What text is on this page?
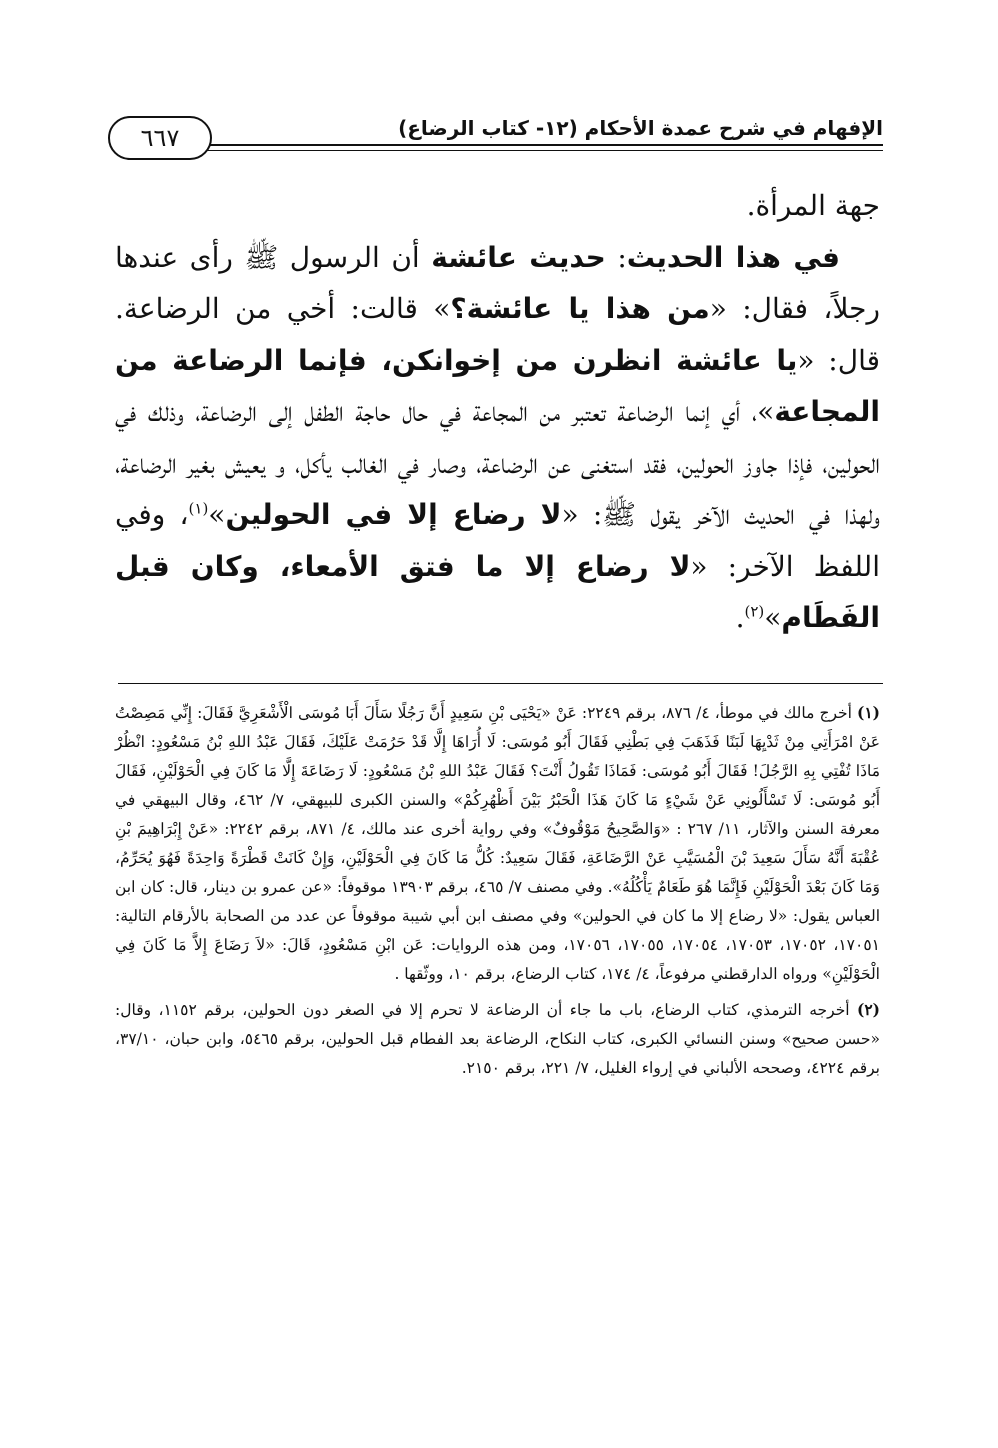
الإفهام في شرح عمدة الأحكام (١٢- كتاب الرضاع)
٦٦٧

جهة المرأة.

في هذا الحديث: حديث عائشة أن الرسول ﷺ رأى عندها رجلاً، فقال: «من هذا يا عائشة؟» قالت: أخي من الرضاعة. قال: «يا عائشة انظرن من إخوانكن، فإنما الرضاعة من المجاعة»، أي إنما الرضاعة تعتبر من المجاعة في حال حاجة الطفل إلى الرضاعة، وذلك في الحولين، فإذا جاوز الحولين، فقد استغنى عن الرضاعة، وصار في الغالب يأكل، و يعيش بغير الرضاعة، ولهذا في الحديث الآخر يقول ﷺ: «لا رضاع إلا في الحولين»$^{(١)}$، وفي اللفظ الآخر: «لا رضاع إلا ما فتق الأمعاء، وكان قبل الفَطَام»$^{(٢)}$.

(١) أخرج مالك في موطأ، ٤/ ٨٧٦، برقم ٢٢٤٩: عَنْ «يَحْيَى بْنِ سَعِيدٍ أَنَّ رَجُلًا سَأَلَ أَبَا مُوسَى الْأَشْعَرِيَّ فَقَالَ: إِنِّي مَصِصْتُ عَنْ امْرَأَتِي مِنْ ثَدْيِهَا لَبَنًا فَذَهَبَ فِي بَطْنِي فَقَالَ أَبُو مُوسَى: لَا أُرَاهَا إِلَّا قَدْ حَرُمَتْ عَلَيْكَ، فَقَالَ عَبْدُ اللهِ بْنُ مَسْعُودٍ: انْظُرْ مَاذَا تُفْتِي بِهِ الرَّجُلَ! فَقَالَ أَبُو مُوسَى: فَمَاذَا تَقُولُ أَنْتَ؟ فَقَالَ عَبْدُ اللهِ بْنُ مَسْعُودٍ: لَا رَضَاعَةَ إِلَّا مَا كَانَ فِي الْحَوْلَيْنِ، فَقَالَ أَبُو مُوسَى: لَا تَسْأَلُونِي عَنْ شَيْءٍ مَا كَانَ هَذَا الْحَبْرُ بَيْنَ أَظْهُرِكُمْ» والسنن الكبرى للبيهقي، ٧/ ٤٦٢، وقال البيهقي في معرفة السنن والآثار، ١١/ ٢٦٧ : «وَالصَّحِيحُ مَوْقُوفٌ» وفي رواية أخرى عند مالك، ٤/ ٨٧١، برقم ٢٢٤٢: «عَنْ إِبْرَاهِيمَ بْنِ عُقْبَةَ أَنَّهُ سَأَلَ سَعِيدَ بْنَ الْمُسَيَّبِ عَنْ الرَّضَاعَةِ، فَقَالَ سَعِيدٌ: كُلُّ مَا كَانَ فِي الْحَوْلَيْنِ، وَإِنْ كَانَتْ قَطْرَةً وَاحِدَةً فَهُوَ يُحَرِّمُ، وَمَا كَانَ بَعْدَ الْحَوْلَيْنِ فَإِنَّمَا هُوَ طَعَامٌ يَأْكُلُهُ». وفي مصنف ٧/ ٤٦٥، برقم ١٣٩٠٣ موقوفاً: «عن عمرو بن دينار، قال: كان ابن العباس يقول: «لا رضاع إلا ما كان في الحولين» وفي مصنف ابن أبي شيبة موقوفاً عن عدد من الصحابة بالأرقام التالية: ١٧٠٥١، ١٧٠٥٢، ١٧٠٥٣، ١٧٠٥٤، ١٧٠٥٥، ١٧٠٥٦، ومن هذه الروايات: عَن ابْنِ مَسْعُودٍ، قَالَ: «لاَ رَضَاعَ إِلاَّ مَا كَانَ فِي الْحَوْلَيْنِ» ورواه الدارقطني مرفوعاً، ٤/ ١٧٤، كتاب الرضاع، برقم ١٠، ووثّقها .

(٢) أخرجه الترمذي، كتاب الرضاع، باب ما جاء أن الرضاعة لا تحرم إلا في الصغر دون الحولين، برقم ١١٥٢، وقال: «حسن صحيح» وسنن النسائي الكبرى، كتاب النكاح، الرضاعة بعد الفطام قبل الحولين، برقم ٥٤٦٥، وابن حبان، ٣٧/١٠، برقم ٤٢٢٤، وصححه الألباني في إرواء الغليل، ٧/ ٢٢١، برقم ٢١٥٠.
